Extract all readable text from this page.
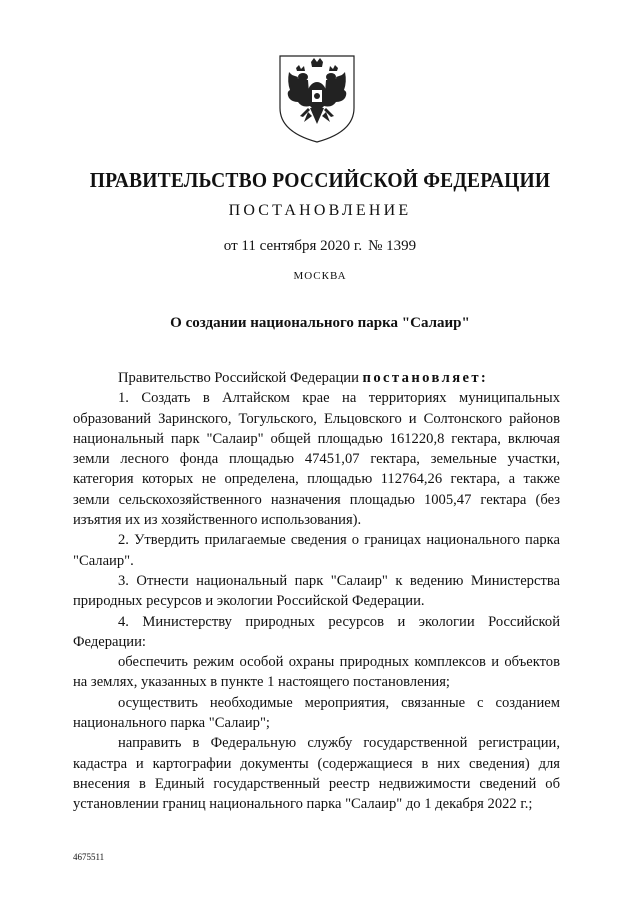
ПРАВИТЕЛЬСТВО РОССИЙСКОЙ ФЕДЕРАЦИИ
ПОСТАНОВЛЕНИЕ
от 11 сентября 2020 г. № 1399
МОСКВА
О создании национального парка "Салаир"

Правительство Российской Федерации постановляет:

1. Создать в Алтайском крае на территориях муниципальных образований Заринского, Тогульского, Ельцовского и Солтонского районов национальный парк "Салаир" общей площадью 161220,8 гектара, включая земли лесного фонда площадью 47451,07 гектара, земельные участки, категория которых не определена, площадью 112764,26 гектара, а также земли сельскохозяйственного назначения площадью 1005,47 гектара (без изъятия их из хозяйственного использования).

2. Утвердить прилагаемые сведения о границах национального парка "Салаир".

3. Отнести национальный парк "Салаир" к ведению Министерства природных ресурсов и экологии Российской Федерации.

4. Министерству природных ресурсов и экологии Российской Федерации:

обеспечить режим особой охраны природных комплексов и объектов на землях, указанных в пункте 1 настоящего постановления;

осуществить необходимые мероприятия, связанные с созданием национального парка "Салаир";

направить в Федеральную службу государственной регистрации, кадастра и картографии документы (содержащиеся в них сведения) для внесения в Единый государственный реестр недвижимости сведений об установлении границ национального парка "Салаир" до 1 декабря 2022 г.;

4675511
